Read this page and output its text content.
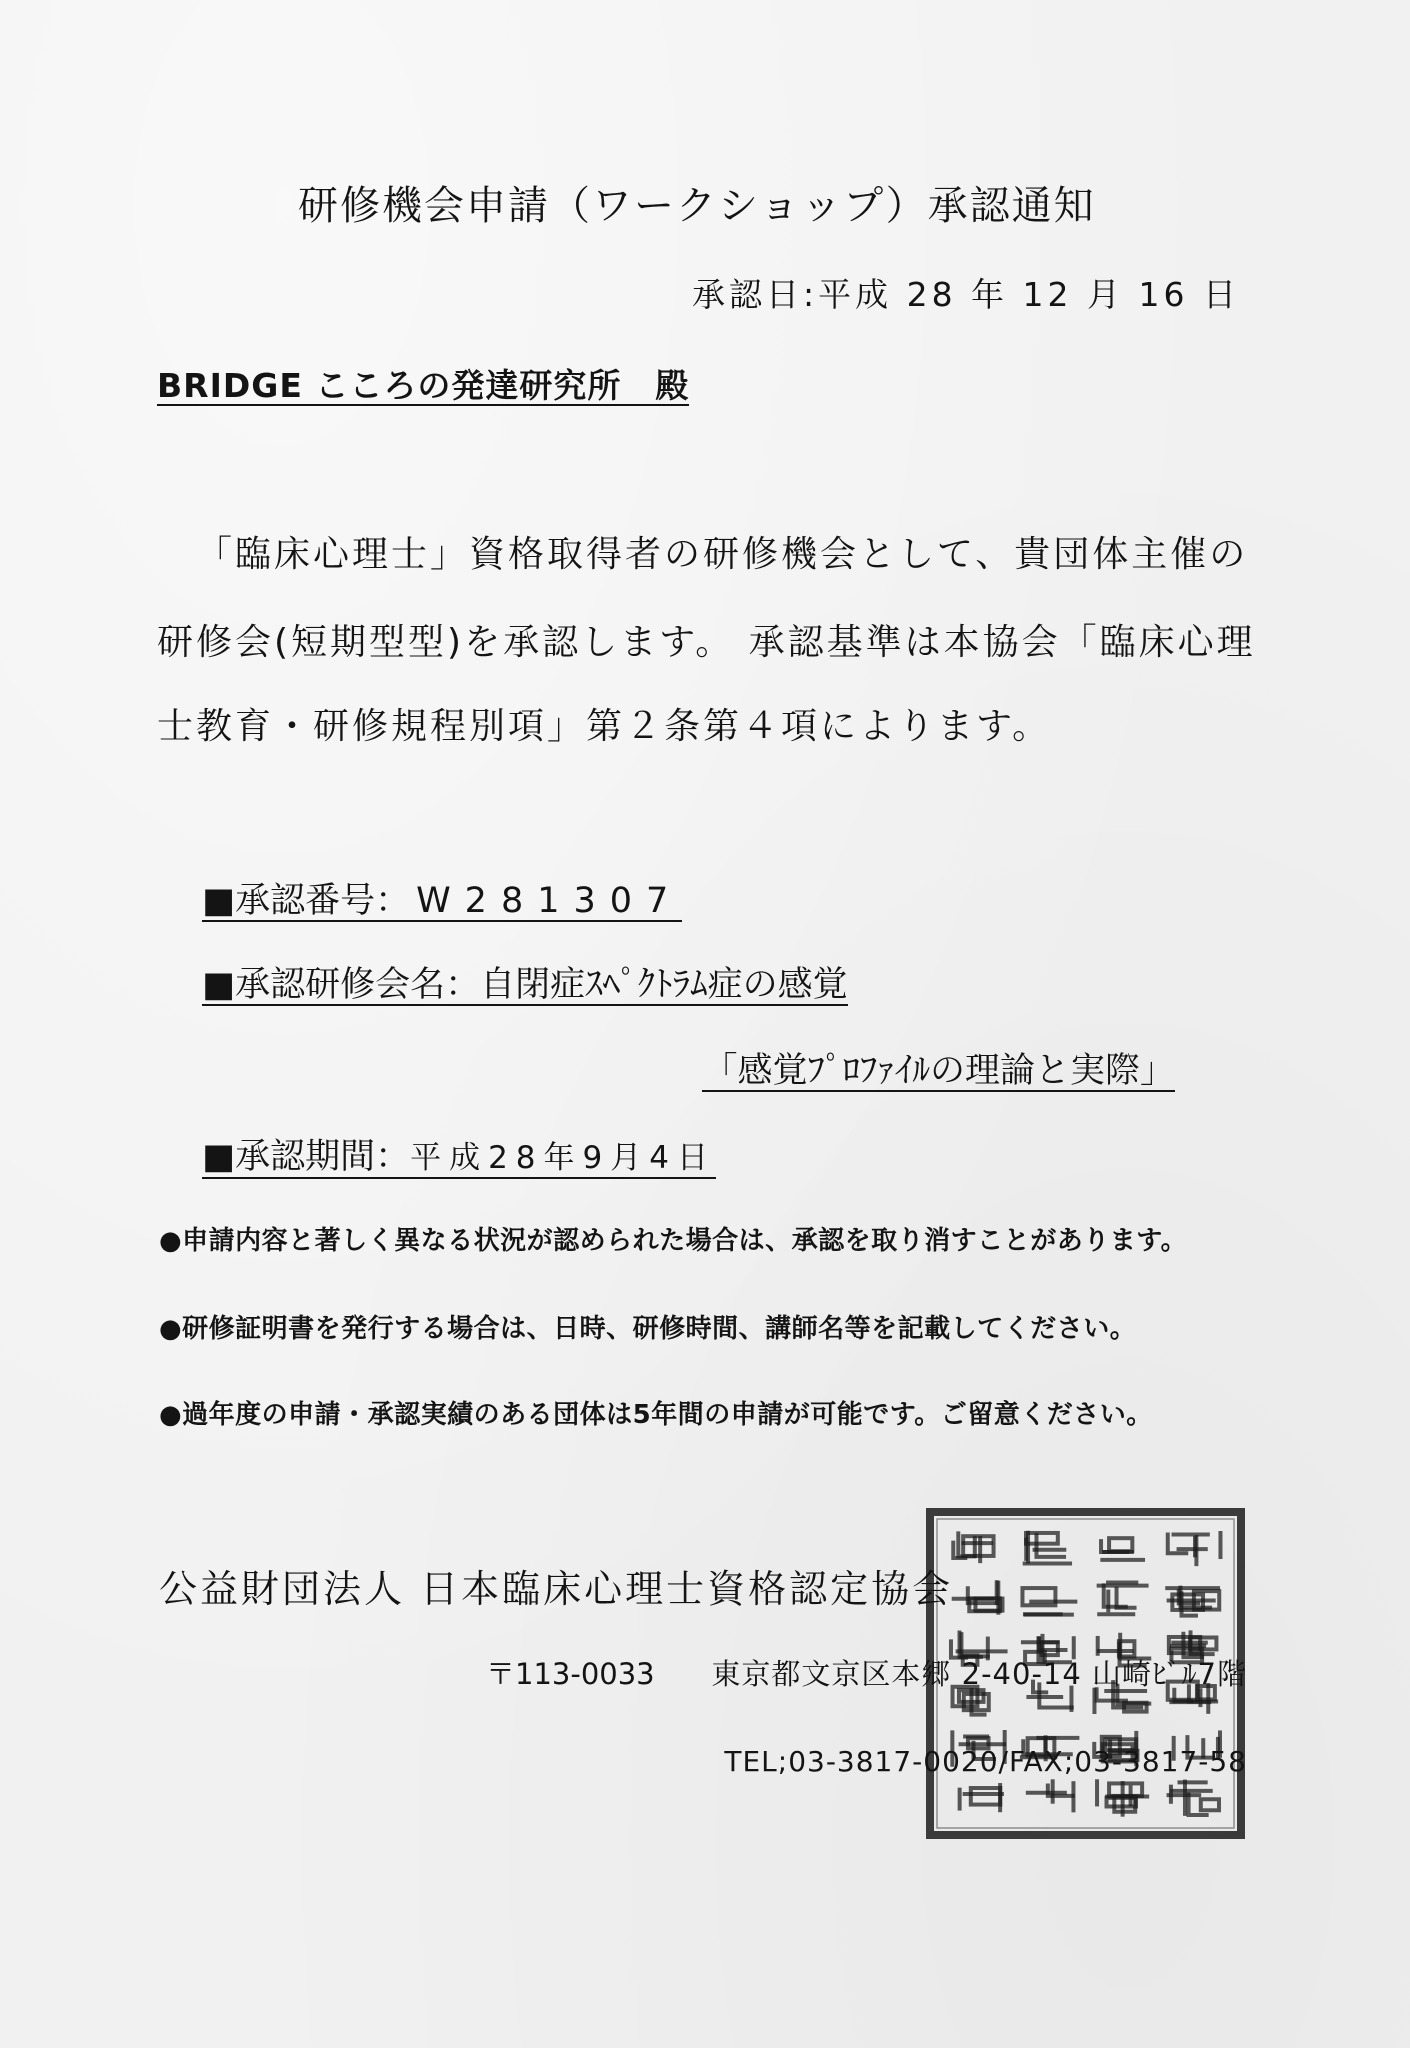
研修機会申請（ワークショップ）承認通知
承認日:平成 28 年 12 月 16 日
BRIDGE こころの発達研究所　殿
「臨床心理士」資格取得者の研修機会として、貴団体主催の
研修会(短期型型)を承認します。 承認基準は本協会「臨床心理
士教育・研修規程別項」第２条第４項によります。
■承認番号： W281307
■承認研修会名：自閉症ｽﾍﾟｸﾄﾗﾑ症の感覚
「感覚ﾌﾟﾛﾌｧｲﾙの理論と実際」
■承認期間：平成28年9月4日
●申請内容と著しく異なる状況が認められた場合は、承認を取り消すことがあります。
●研修証明書を発行する場合は、日時、研修時間、講師名等を記載してください。
●過年度の申請・承認実績のある団体は5年間の申請が可能です。ご留意ください。
公益財団法人 日本臨床心理士資格認定協会
〒113-0033 東京都文京区本郷 2-40-14 山崎ﾋﾞﾙ7階
TEL;03-3817-0020/FAX;03-3817-58
